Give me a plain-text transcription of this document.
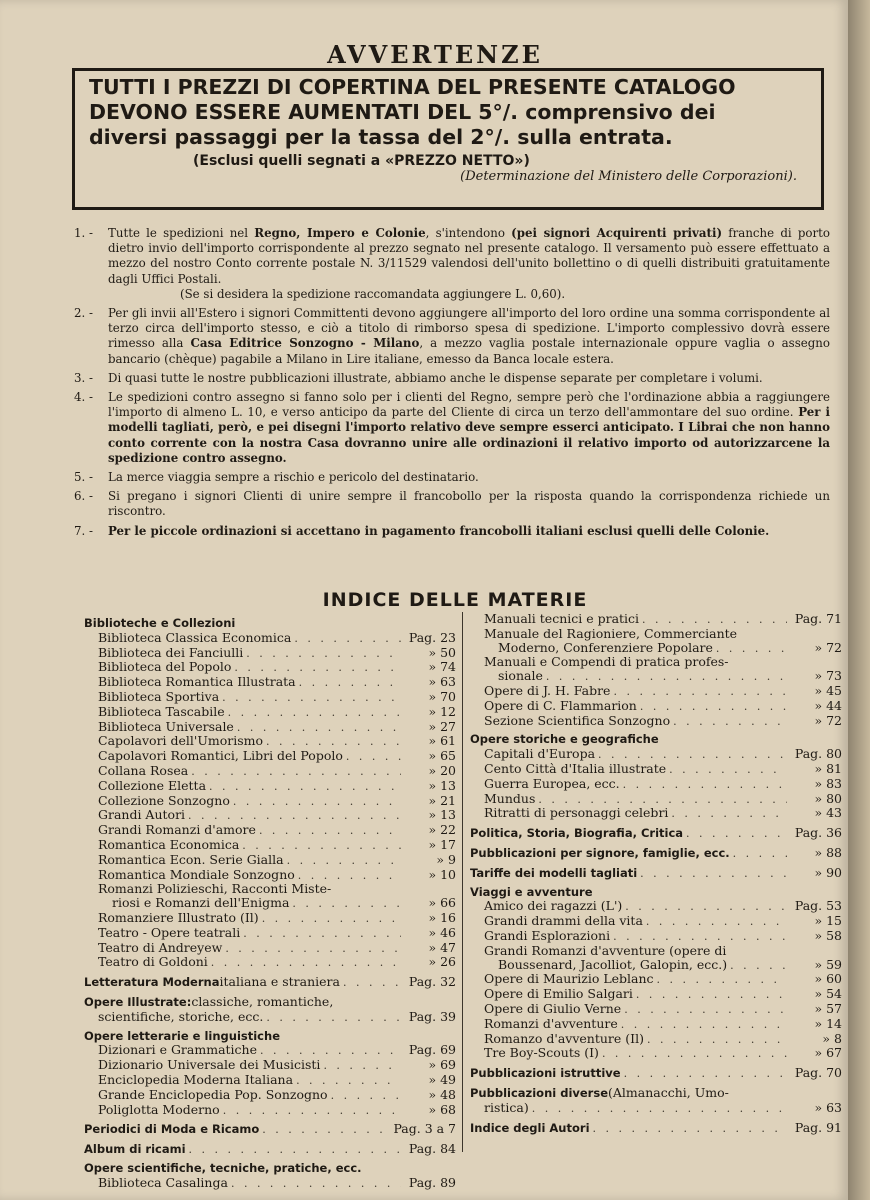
AVVERTENZE
TUTTI I PREZZI DI COPERTINA DEL PRESENTE CATALOGO
DEVONO ESSERE AUMENTATI DEL 5°/. comprensivo dei
diversi passaggi per la tassa del 2°/. sulla entrata.
(Esclusi quelli segnati a «PREZZO NETTO»)
(Determinazione del Ministero delle Corporazioni).
1. -	Tutte le spedizioni nel Regno, Impero e Colonie, s'intendono (pei signori Acquirenti privati) franche di porto dietro invio dell'importo corrispondente al prezzo segnato nel presente catalogo. Il versamento può essere effettuato a mezzo del nostro Conto corrente postale N. 3/11529 valendosi dell'unito bollettino o di quelli distribuiti gratuitamente dagli Uffici Postali.
(Se si desidera la spedizione raccomandata aggiungere L. 0,60).
2. -	Per gli invii all'Estero i signori Committenti devono aggiungere all'importo del loro ordine una somma corrispondente al terzo circa dell'importo stesso, e ciò a titolo di rimborso spesa di spedizione. L'importo complessivo dovrà essere rimesso alla Casa Editrice Sonzogno - Milano, a mezzo vaglia postale internazionale oppure vaglia o assegno bancario (chèque) pagabile a Milano in Lire italiane, emesso da Banca locale estera.
3. -	Di quasi tutte le nostre pubblicazioni illustrate, abbiamo anche le dispense separate per completare i volumi.
4. -	Le spedizioni contro assegno si fanno solo per i clienti del Regno, sempre però che l'ordinazione abbia a raggiungere l'importo di almeno L. 10, e verso anticipo da parte del Cliente di circa un terzo dell'ammontare del suo ordine. Per i modelli tagliati, però, e pei disegni l'importo relativo deve sempre esserci anticipato. I Librai che non hanno conto corrente con la nostra Casa dovranno unire alle ordinazioni il relativo importo od autorizzarcene la spedizione contro assegno.
5. -	La merce viaggia sempre a rischio e pericolo del destinatario.
6. -	Si pregano i signori Clienti di unire sempre il francobollo per la risposta quando la corrispondenza richiede un riscontro.
7. -	Per le piccole ordinazioni si accettano in pagamento francobolli italiani esclusi quelli delle Colonie.
INDICE DELLE MATERIE
Biblioteche e Collezioni
Biblioteca Classica Economica . . .	Pag. 23
Biblioteca dei Fanciulli . . .	» 50
Biblioteca del Popolo . . .	» 74
Biblioteca Romantica Illustrata . . .	» 63
Biblioteca Sportiva . . .	» 70
Biblioteca Tascabile . . .	» 12
Biblioteca Universale . . .	» 27
Capolavori dell'Umorismo . . .	» 61
Capolavori Romantici, Libri del Popolo . . .	» 65
Collana Rosea . . .	» 20
Collezione Eletta . . .	» 13
Collezione Sonzogno . . .	» 21
Grandi Autori . . .	» 13
Grandi Romanzi d'amore . . .	» 22
Romantica Economica . . .	» 17
Romantica Econ. Serie Gialla . . .	» 9
Romantica Mondiale Sonzogno . . .	» 10
Romanzi Polizieschi, Racconti Miste-
riosi e Romanzi dell'Enigma . . .	» 66
Romanziere Illustrato (Il) . . .	» 16
Teatro - Opere teatrali . . .	» 46
Teatro di Andreyew . . .	» 47
Teatro di Goldoni . . .	» 26
Letteratura Moderna italiana e straniera . . .	Pag. 32
Opere Illustrate: classiche, romantiche,
scientifiche, storiche, ecc. . . .	Pag. 39
Opere letterarie e linguistiche
Dizionari e Grammatiche . . .	Pag. 69
Dizionario Universale dei Musicisti . . .	» 69
Enciclopedia Moderna Italiana . . .	» 49
Grande Enciclopedia Pop. Sonzogno . . .	» 48
Poliglotta Moderno . . .	» 68
Periodici di Moda e Ricamo . . .	Pag. 3 a 7
Album di ricami . . .	Pag. 84
Opere scientifiche, tecniche, pratiche, ecc.
Biblioteca Casalinga . . .	Pag. 89
Manuali tecnici e pratici . . .	Pag. 71
Manuale del Ragioniere, Commerciante
Moderno, Conferenziere Popolare . . .	» 72
Manuali e Compendi di pratica profes-
sionale . . .	» 73
Opere di J. H. Fabre . . .	» 45
Opere di C. Flammarion . . .	» 44
Sezione Scientifica Sonzogno . . .	» 72
Opere storiche e geografiche
Capitali d'Europa . . .	Pag. 80
Cento Città d'Italia illustrate . . .	» 81
Guerra Europea, ecc. . . .	» 83
Mundus . . .	» 80
Ritratti di personaggi celebri . . .	» 43
Politica, Storia, Biografia, Critica . . .	Pag. 36
Pubblicazioni per signore, famiglie, ecc. . . .	» 88
Tariffe dei modelli tagliati . . .	» 90
Viaggi e avventure
Amico dei ragazzi (L') . . .	Pag. 53
Grandi drammi della vita . . .	» 15
Grandi Esplorazioni . . .	» 58
Grandi Romanzi d'avventure (opere di
Boussenard, Jacolliot, Galopin, ecc.) . . .	» 59
Opere di Maurizio Leblanc . . .	» 60
Opere di Emilio Salgari . . .	» 54
Opere di Giulio Verne . . .	» 57
Romanzi d'avventure . . .	» 14
Romanzo d'avventure (Il) . . .	» 8
Tre Boy-Scouts (I) . . .	» 67
Pubblicazioni istruttive . . .	Pag. 70
Pubblicazioni diverse (Almanacchi, Umo-
ristica) . . .	» 63
Indice degli Autori . . .	Pag. 91
